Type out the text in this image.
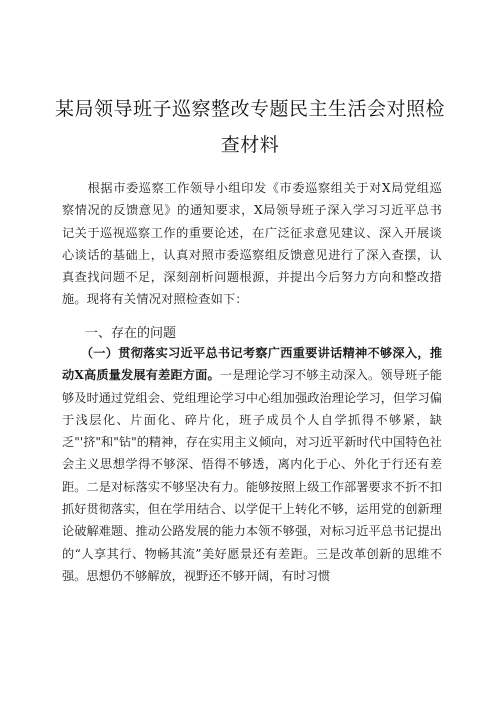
某局领导班子巡察整改专题民主生活会对照检
查材料

　　根据市委巡察工作领导小组印发《市委巡察组关于对X局党组巡察情况的反馈意见》的通知要求，X局领导班子深入学习习近平总书记关于巡视巡察工作的重要论述，在广泛征求意见建议、深入开展谈心谈话的基础上，认真对照市委巡察组反馈意见进行了深入查摆，认真查找问题不足，深刻剖析问题根源，并提出今后努力方向和整改措施。现将有关情况对照检查如下：

一、存在的问题

　　（一）贯彻落实习近平总书记考察广西重要讲话精神不够深入，推动X高质量发展有差距方面。一是理论学习不够主动深入。领导班子能够及时通过党组会、党组理论学习中心组加强政治理论学习，但学习偏于浅层化、片面化、碎片化，班子成员个人自学抓得不够紧，缺乏"'挤"和"钻"的精神，存在实用主义倾向，对习近平新时代中国特色社会主义思想学得不够深、悟得不够透，离内化于心、外化于行还有差距。二是对标落实不够坚决有力。能够按照上级工作部署要求不折不扣抓好贯彻落实，但在学用结合、以学促干上转化不够，运用党的创新理论破解难题、推动公路发展的能力本领不够强，对标习近平总书记提出的“人享其行、物畅其流”美好愿景还有差距。三是改革创新的思维不强。思想仍不够解放，视野还不够开阔，有时习惯
